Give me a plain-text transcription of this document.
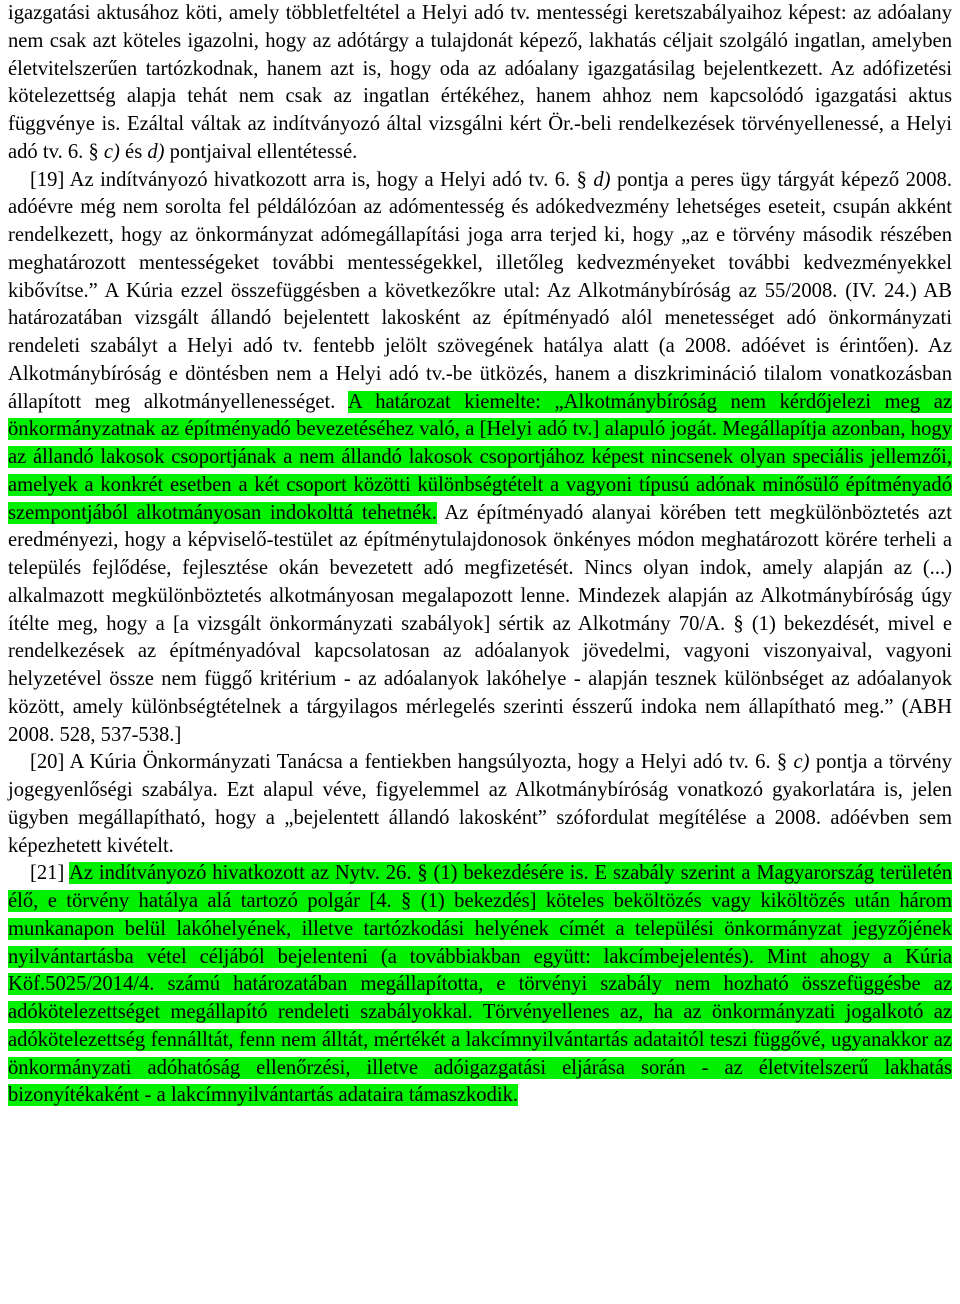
igazgatási aktusához köti, amely többletfeltétel a Helyi adó tv. mentességi keretszabályaihoz képest: az adóalany nem csak azt köteles igazolni, hogy az adótárgy a tulajdonát képező, lakhatás céljait szolgáló ingatlan, amelyben életvitelszerűen tartózkodnak, hanem azt is, hogy oda az adóalany igazgatásilag bejelentkezett. Az adófizetési kötelezettség alapja tehát nem csak az ingatlan értékéhez, hanem ahhoz nem kapcsolódó igazgatási aktus függvénye is. Ezáltal váltak az indítványozó által vizsgálni kért Ör.-beli rendelkezések törvényellenessé, a Helyi adó tv. 6. § c) és d) pontjaival ellentétessé.

[19] Az indítványozó hivatkozott arra is, hogy a Helyi adó tv. 6. § d) pontja a peres ügy tárgyát képező 2008. adóévre még nem sorolta fel példálózóan az adómentesség és adókedvezmény lehetséges eseteit, csupán akként rendelkezett, hogy az önkormányzat adómegállapítási joga arra terjed ki, hogy „az e törvény második részében meghatározott mentességeket további mentességekkel, illetőleg kedvezményeket további kedvezményekkel kibővítse.” A Kúria ezzel összefüggésben a következőkre utal: Az Alkotmánybíróság az 55/2008. (IV. 24.) AB határozatában vizsgált állandó bejelentett lakosként az építményadó alól menetességet adó önkormányzati rendeleti szabályt a Helyi adó tv. fentebb jelölt szövegének hatálya alatt (a 2008. adóévet is érintően). Az Alkotmánybíróság e döntésben nem a Helyi adó tv.-be ütközés, hanem a diszkrimináció tilalom vonatkozásban állapított meg alkotmányellenességet. A határozat kiemelte: „Alkotmánybíróság nem kérdőjelezi meg az önkormányzatnak az építményadó bevezetéséhez való, a [Helyi adó tv.] alapuló jogát. Megállapítja azonban, hogy az állandó lakosok csoportjának a nem állandó lakosok csoportjához képest nincsenek olyan speciális jellemzői, amelyek a konkrét esetben a két csoport közötti különbségtételt a vagyoni típusú adónak minősülő építményadó szempontjából alkotmányosan indokolttá tehetnék. Az építményadó alanyai körében tett megkülönböztetés azt eredményezi, hogy a képviselő-testület az építménytulajdonosok önkényes módon meghatározott körére terheli a település fejlődése, fejlesztése okán bevezetett adó megfizetését. Nincs olyan indok, amely alapján az (...) alkalmazott megkülönböztetés alkotmányosan megalapozott lenne. Mindezek alapján az Alkotmánybíróság úgy ítélte meg, hogy a [a vizsgált önkormányzati szabályok] sértik az Alkotmány 70/A. § (1) bekezdését, mivel e rendelkezések az építményadóval kapcsolatosan az adóalanyok jövedelmi, vagyoni viszonyaival, vagyoni helyzetével össze nem függő kritérium - az adóalanyok lakóhelye - alapján tesznek különbséget az adóalanyok között, amely különbségtételnek a tárgyilagos mérlegelés szerinti ésszerű indoka nem állapítható meg.” (ABH 2008. 528, 537-538.]

[20] A Kúria Önkormányzati Tanácsa a fentiekben hangsúlyozta, hogy a Helyi adó tv. 6. § c) pontja a törvény jogegyenlőségi szabálya. Ezt alapul véve, figyelemmel az Alkotmánybíróság vonatkozó gyakorlatára is, jelen ügyben megállapítható, hogy a „bejelentett állandó lakosként” szófordulat megítélése a 2008. adóévben sem képezhetett kivételt.

[21] Az indítványozó hivatkozott az Nytv. 26. § (1) bekezdésére is. E szabály szerint a Magyarország területén élő, e törvény hatálya alá tartozó polgár [4. § (1) bekezdés] köteles beköltözés vagy kiköltözés után három munkanapon belül lakóhelyének, illetve tartózkodási helyének címét a települési önkormányzat jegyzőjének nyilvántartásba vétel céljából bejelenteni (a továbbiakban együtt: lakcímbejelentés). Mint ahogy a Kúria Köf.5025/2014/4. számú határozatában megállapította, e törvényi szabály nem hozható összefüggésbe az adókötelezettséget megállapító rendeleti szabályokkal. Törvényellenes az, ha az önkormányzati jogalkotó az adókötelezettség fennálltát, fenn nem álltát, mértékét a lakcímnyilvántartás adataitól teszi függővé, ugyanakkor az önkormányzati adóhatóság ellenőrzési, illetve adóigazgatási eljárása során - az életvitelszerű lakhatás bizonyítékaként - a lakcímnyilvántartás adataira támaszkodik.
